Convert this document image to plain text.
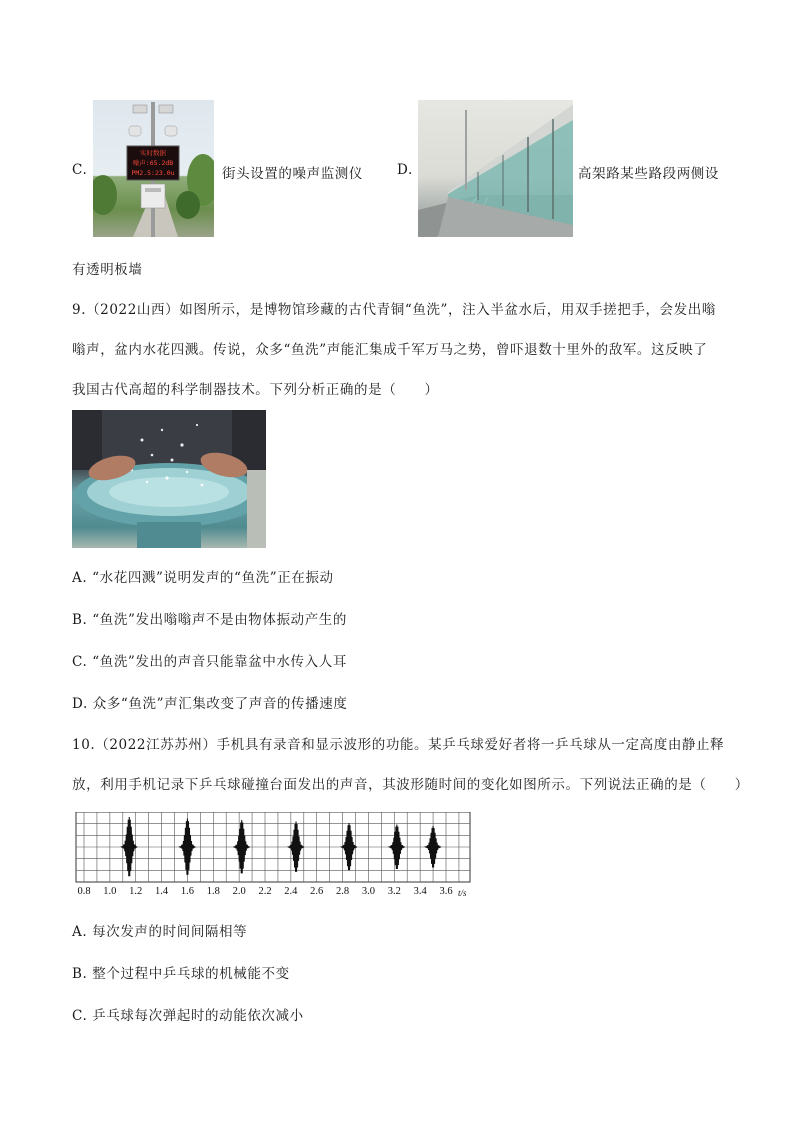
C.
实时数据
噪声:65.2dB
PM2.5:23.0u	街头设置的噪声监测仪	D.	高架路某些路段两侧设
有透明板墙
9.（2022山西）如图所示，是博物馆珍藏的古代青铜“鱼洗”，注入半盆水后，用双手搓把手，会发出嗡
嗡声，盆内水花四溅。传说，众多“鱼洗”声能汇集成千军万马之势，曾吓退数十里外的敌军。这反映了
我国古代高超的科学制器技术。下列分析正确的是（　　）
A. “水花四溅”说明发声的“鱼洗”正在振动
B. “鱼洗”发出嗡嗡声不是由物体振动产生的
C. “鱼洗”发出的声音只能靠盆中水传入人耳
D. 众多“鱼洗”声汇集改变了声音的传播速度
10.（2022江苏苏州）手机具有录音和显示波形的功能。某乒乓球爱好者将一乒乓球从一定高度由静止释
放，利用手机记录下乒乓球碰撞台面发出的声音，其波形随时间的变化如图所示。下列说法正确的是（　　）
0.8 1.0 1.2 1.4 1.6 1.8 2.0 2.2 2.4 2.6 2.8 3.0 3.2 3.4 3.6 t/s
A. 每次发声的时间间隔相等
B. 整个过程中乒乓球的机械能不变
C. 乒乓球每次弹起时的动能依次减小
